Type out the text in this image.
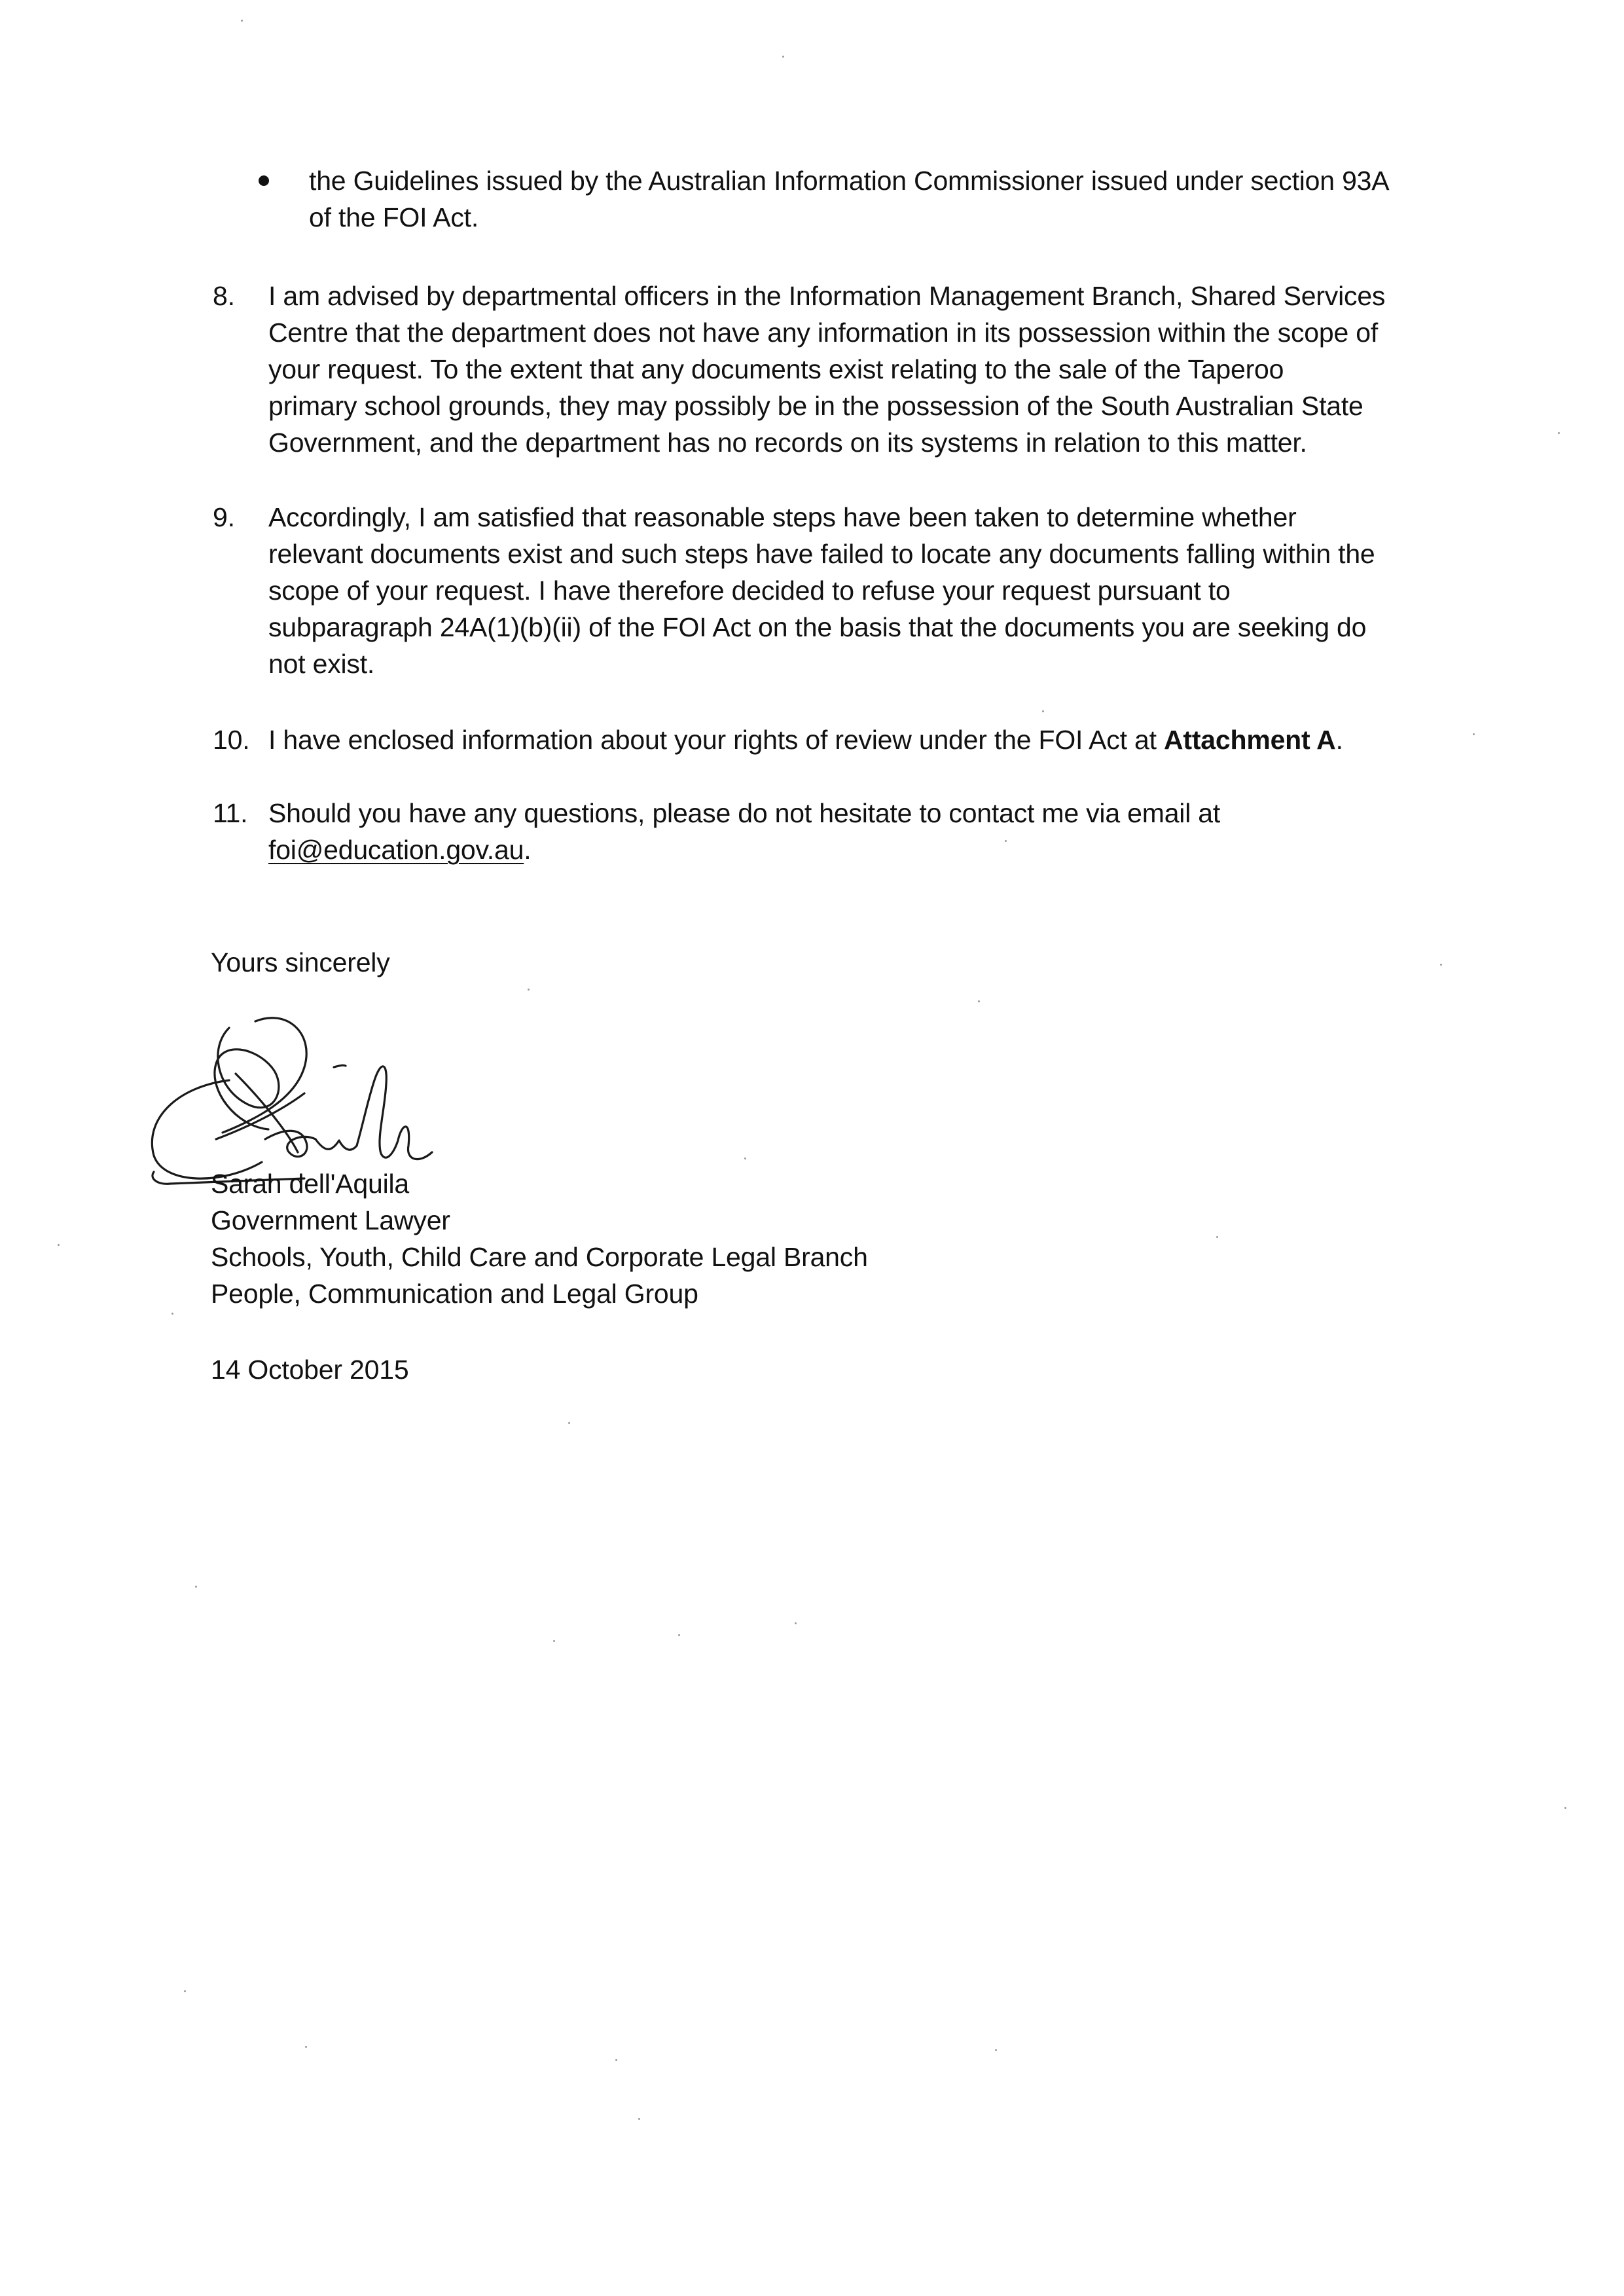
the Guidelines issued by the Australian Information Commissioner issued under section 93A
of the FOI Act.
8.	I am advised by departmental officers in the Information Management Branch, Shared Services
Centre that the department does not have any information in its possession within the scope of
your request. To the extent that any documents exist relating to the sale of the Taperoo
primary school grounds, they may possibly be in the possession of the South Australian State
Government, and the department has no records on its systems in relation to this matter.
9.	Accordingly, I am satisfied that reasonable steps have been taken to determine whether
relevant documents exist and such steps have failed to locate any documents falling within the
scope of your request. I have therefore decided to refuse your request pursuant to
subparagraph 24A(1)(b)(ii) of the FOI Act on the basis that the documents you are seeking do
not exist.
10. I have enclosed information about your rights of review under the FOI Act at Attachment A.
11. Should you have any questions, please do not hesitate to contact me via email at
foi@education.gov.au.
Yours sincerely
Sarah dell'Aquila
Government Lawyer
Schools, Youth, Child Care and Corporate Legal Branch
People, Communication and Legal Group
14 October 2015
